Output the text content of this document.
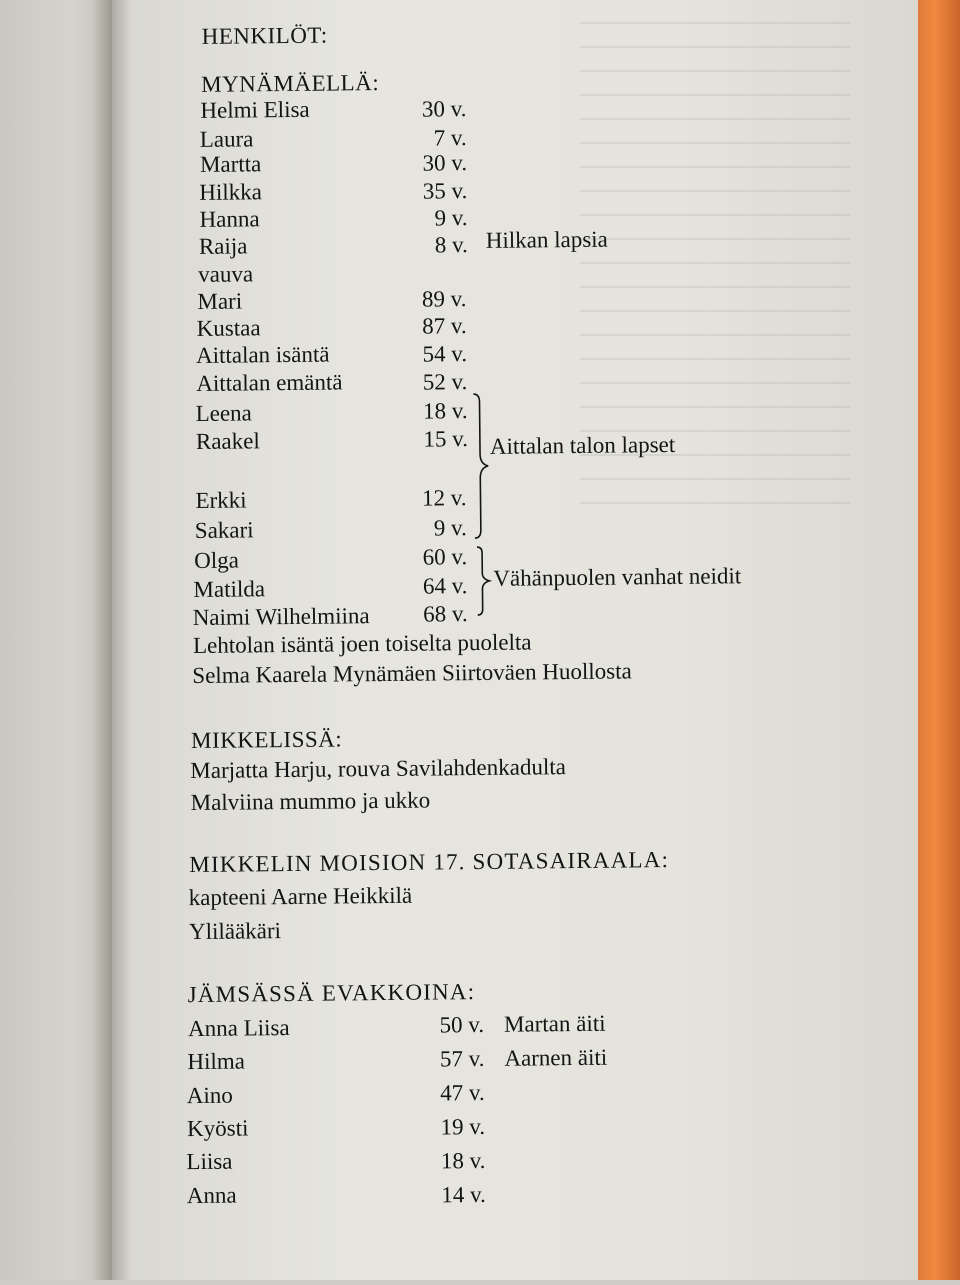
HENKILÖT:
MYNÄMÄELLÄ:
Helmi Elisa	30 v.
Laura	7 v.
Martta	30 v.
Hilkka	35 v.
Hanna	9 v.
Raija	8 v. Hilkan lapsia
vauva
Mari	89 v.
Kustaa	87 v.
Aittalan isäntä	54 v.
Aittalan emäntä	52 v.
Leena	18 v.
Raakel	15 v. Aittalan talon lapset
Erkki	12 v.
Sakari	9 v.
Olga	60 v.
Matilda	64 v. Vähänpuolen vanhat neidit
Naimi Wilhelmiina	68 v.
Lehtolan isäntä joen toiselta puolelta
Selma Kaarela Mynämäen Siirtoväen Huollosta
MIKKELISSÄ:
Marjatta Harju, rouva Savilahdenkadulta
Malviina mummo ja ukko
MIKKELIN MOISION 17. SOTASAIRAALA:
kapteeni Aarne Heikkilä
Ylilääkäri
JÄMSÄSSÄ EVAKKOINA:
Anna Liisa	50 v. Martan äiti
Hilma	57 v. Aarnen äiti
Aino	47 v.
Kyösti	19 v.
Liisa	18 v.
Anna	14 v.
